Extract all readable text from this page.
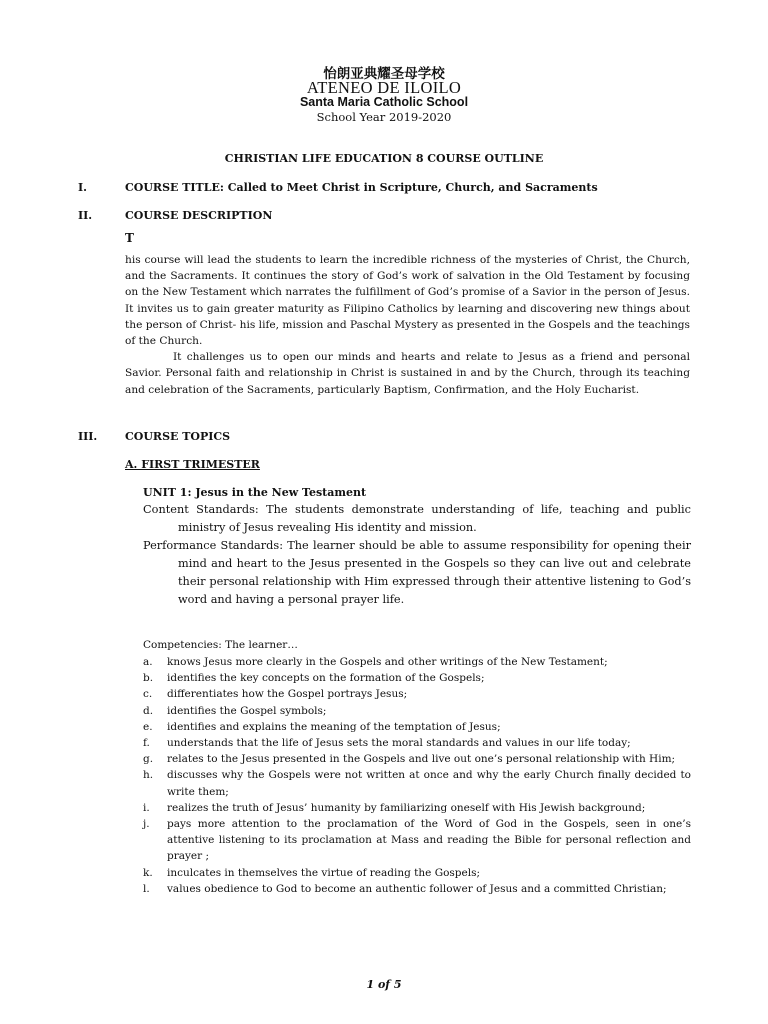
怡朗亚典耀圣母学校
ATENEO DE ILOILO
Santa Maria Catholic School
School Year 2019-2020
CHRISTIAN LIFE EDUCATION 8 COURSE OUTLINE
I.	COURSE TITLE: Called to Meet Christ in Scripture, Church, and Sacraments
II.	COURSE DESCRIPTION
T

his course will lead the students to learn the incredible richness of the mysteries of Christ, the Church, and the Sacraments. It continues the story of God’s work of salvation in the Old Testament by focusing on the New Testament which narrates the fulfillment of God’s promise of a Savior in the person of Jesus. It invites us to gain greater maturity as Filipino Catholics by learning and discovering new things about the person of Christ- his life, mission and Paschal Mystery as presented in the Gospels and the teachings of the Church.

It challenges us to open our minds and hearts and relate to Jesus as a friend and personal Savior. Personal faith and relationship in Christ is sustained in and by the Church, through its teaching and celebration of the Sacraments, particularly Baptism, Confirmation, and the Holy Eucharist.

III.	COURSE TOPICS
A. FIRST TRIMESTER
UNIT 1: Jesus in the New Testament

Content Standards: The students demonstrate understanding of life, teaching and public ministry of Jesus revealing His identity and mission.

Performance Standards: The learner should be able to assume responsibility for opening their mind and heart to the Jesus presented in the Gospels so they can live out and celebrate their personal relationship with Him expressed through their attentive listening to God’s word and having a personal prayer life.

Competencies: The learner…
a. knows Jesus more clearly in the Gospels and other writings of the New Testament;
b. identifies the key concepts on the formation of the Gospels;
c. differentiates how the Gospel portrays Jesus;
d. identifies the Gospel symbols;
e. identifies and explains the meaning of the temptation of Jesus;
f. understands that the life of Jesus sets the moral standards and values in our life today;
g. relates to the Jesus presented in the Gospels and live out one’s personal relationship with Him;
h. discusses why the Gospels were not written at once and why the early Church finally decided to write them;
i. realizes the truth of Jesus’ humanity by familiarizing oneself with His Jewish background;
j. pays more attention to the proclamation of the Word of God in the Gospels, seen in one’s attentive listening to its proclamation at Mass and reading the Bible for personal reflection and prayer ;
k. inculcates in themselves the virtue of reading the Gospels;
l. values obedience to God to become an authentic follower of Jesus and a committed Christian;
1 of 5
